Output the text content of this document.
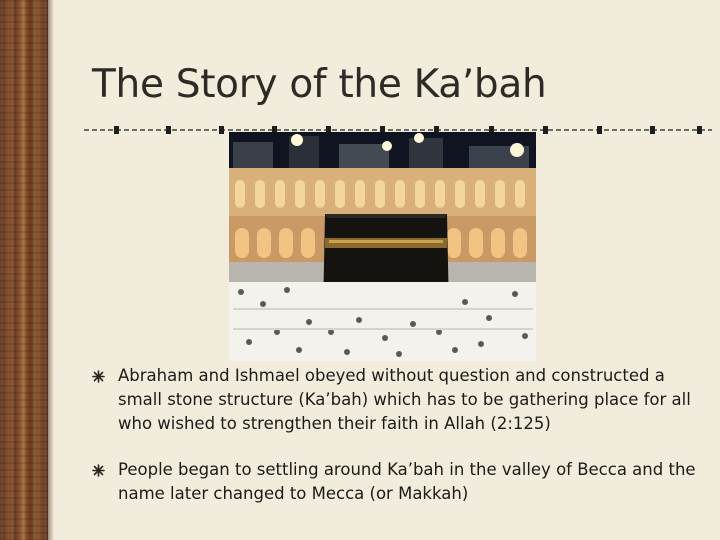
The Story of the Ka’bah
Abraham and Ishmael obeyed without question and constructed a small stone structure (Ka’bah) which has to be gathering place for all who wished to strengthen their faith in Allah (2:125)
People began to settling around Ka’bah in the valley of Becca and the name later changed to Mecca (or Makkah)
